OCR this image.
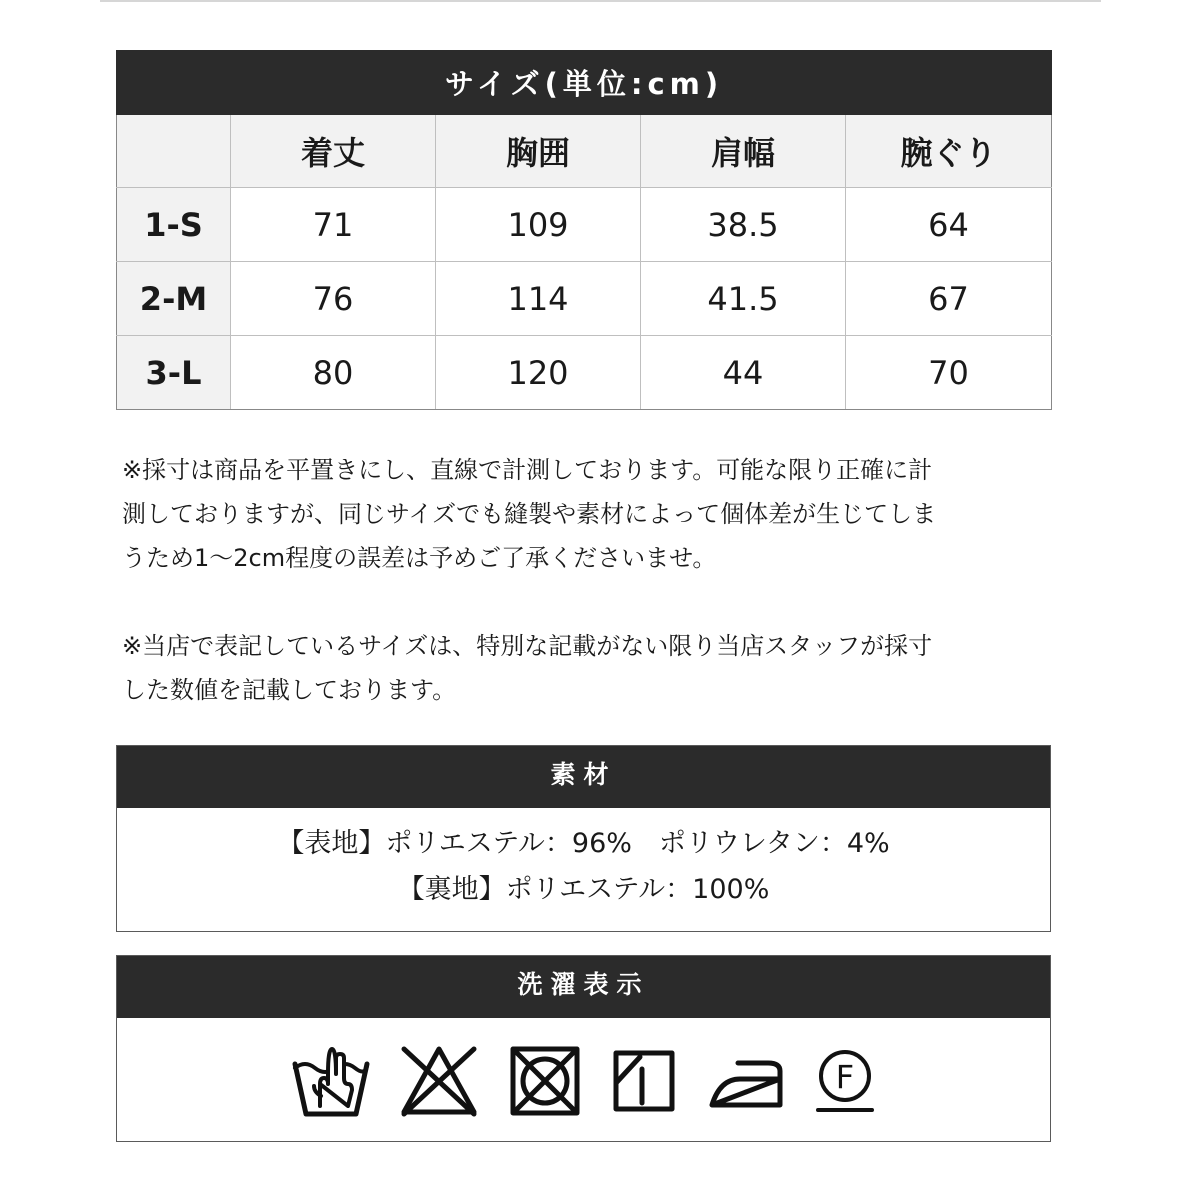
サイズ(単位:cm)				
	着丈	胸囲	肩幅	腕ぐり
1-S	71	109	38.5	64
2-M	76	114	41.5	67
3-L	80	120	44	70

※採寸は商品を平置きにし、直線で計測しております。可能な限り正確に計
測しておりますが、同じサイズでも縫製や素材によって個体差が生じてしま
うため1～2cm程度の誤差は予めご了承くださいませ。

※当店で表記しているサイズは、特別な記載がない限り当店スタッフが採寸
した数値を記載しております。

素材
【表地】ポリエステル：96%　ポリウレタン：4%
【裏地】ポリエステル：100%
洗濯表示
F
